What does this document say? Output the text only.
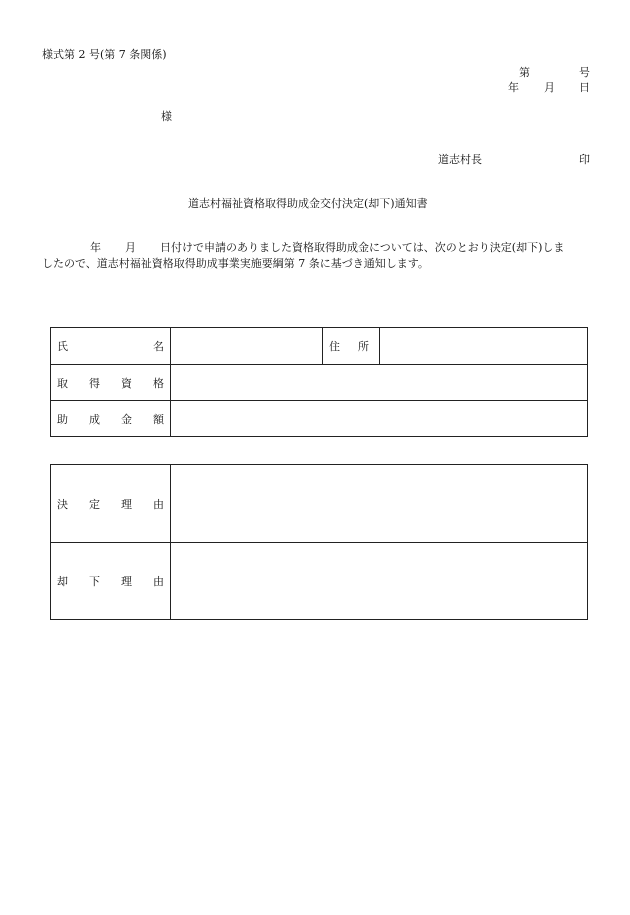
様式第 2 号(第 7 条関係)
第	号
年 月 日
様
道志村長	印
道志村福祉資格取得助成金交付決定(却下)通知書
年 月 日付けで申請のありました資格取得助成金については、次のとおり決定(却下)しま
したので、道志村福祉資格取得助成事業実施要綱第 7 条に基づき通知します。
氏 名		住 所	

取 得 資 格			

助 成 金 額			

決 定 理 由	

却 下 理 由	
